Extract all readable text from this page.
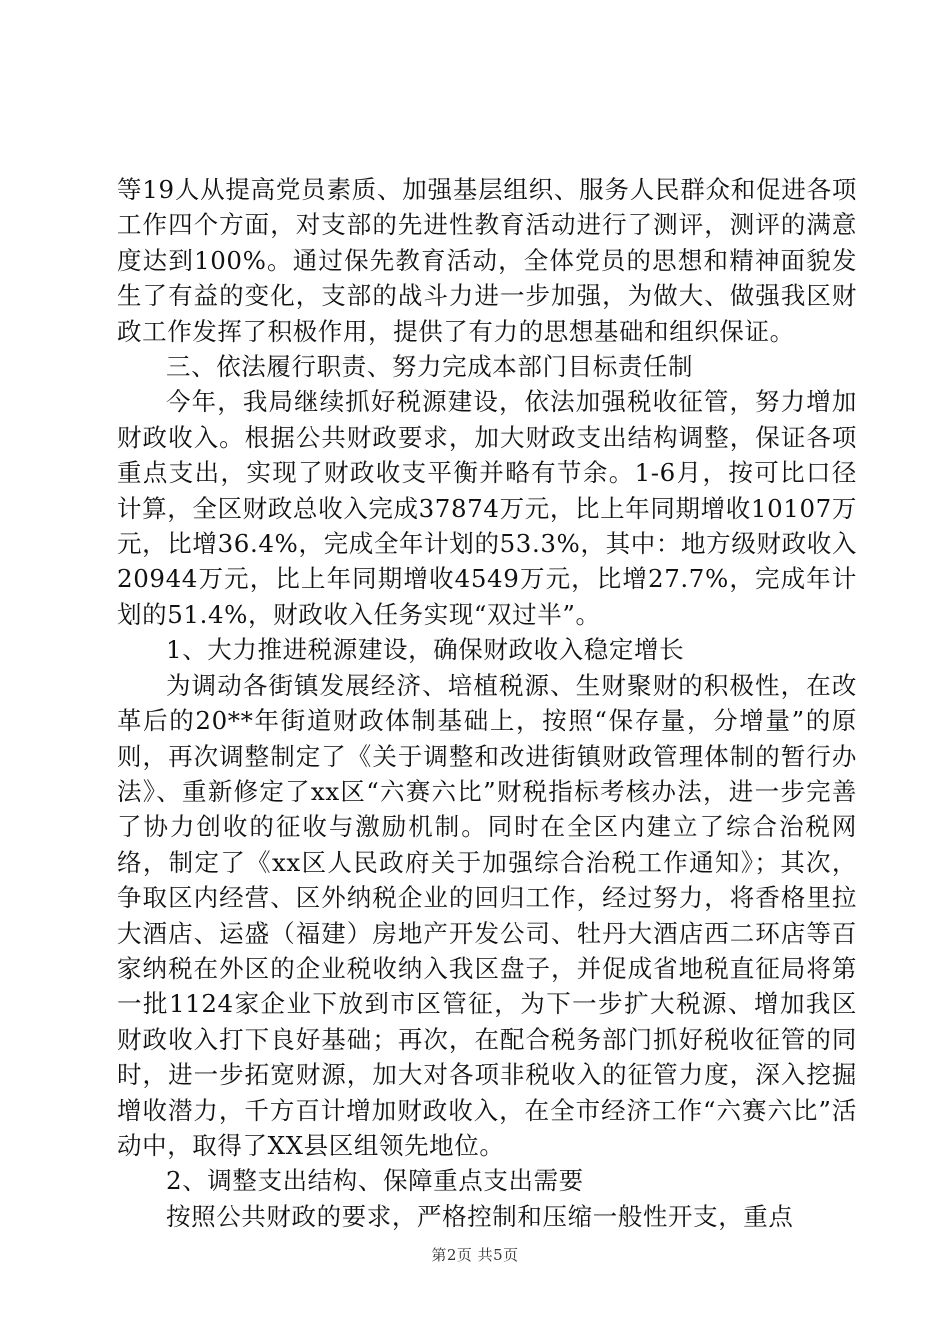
等19人从提高党员素质、加强基层组织、服务人民群众和促进各项工作四个方面，对支部的先进性教育活动进行了测评，测评的满意度达到100%。通过保先教育活动，全体党员的思想和精神面貌发生了有益的变化，支部的战斗力进一步加强，为做大、做强我区财政工作发挥了积极作用，提供了有力的思想基础和组织保证。

三、依法履行职责、努力完成本部门目标责任制

今年，我局继续抓好税源建设，依法加强税收征管，努力增加财政收入。根据公共财政要求，加大财政支出结构调整，保证各项重点支出，实现了财政收支平衡并略有节余。1-6月，按可比口径计算，全区财政总收入完成37874万元，比上年同期增收10107万元，比增36.4%，完成全年计划的53.3%，其中：地方级财政收入20944万元，比上年同期增收4549万元，比增27.7%，完成年计划的51.4%，财政收入任务实现“双过半”。

1、大力推进税源建设，确保财政收入稳定增长

为调动各街镇发展经济、培植税源、生财聚财的积极性，在改革后的20**年街道财政体制基础上，按照“保存量，分增量”的原则，再次调整制定了《关于调整和改进街镇财政管理体制的暂行办法》、重新修定了xx区“六赛六比”财税指标考核办法，进一步完善了协力创收的征收与激励机制。同时在全区内建立了综合治税网络，制定了《xx区人民政府关于加强综合治税工作通知》；其次，争取区内经营、区外纳税企业的回归工作，经过努力，将香格里拉大酒店、运盛（福建）房地产开发公司、牡丹大酒店西二环店等百家纳税在外区的企业税收纳入我区盘子，并促成省地税直征局将第一批1124家企业下放到市区管征，为下一步扩大税源、增加我区财政收入打下良好基础；再次，在配合税务部门抓好税收征管的同时，进一步拓宽财源，加大对各项非税收入的征管力度，深入挖掘增收潜力，千方百计增加财政收入，在全市经济工作“六赛六比”活动中，取得了XX县区组领先地位。

2、调整支出结构、保障重点支出需要

按照公共财政的要求，严格控制和压缩一般性开支，重点

第2页 共5页
